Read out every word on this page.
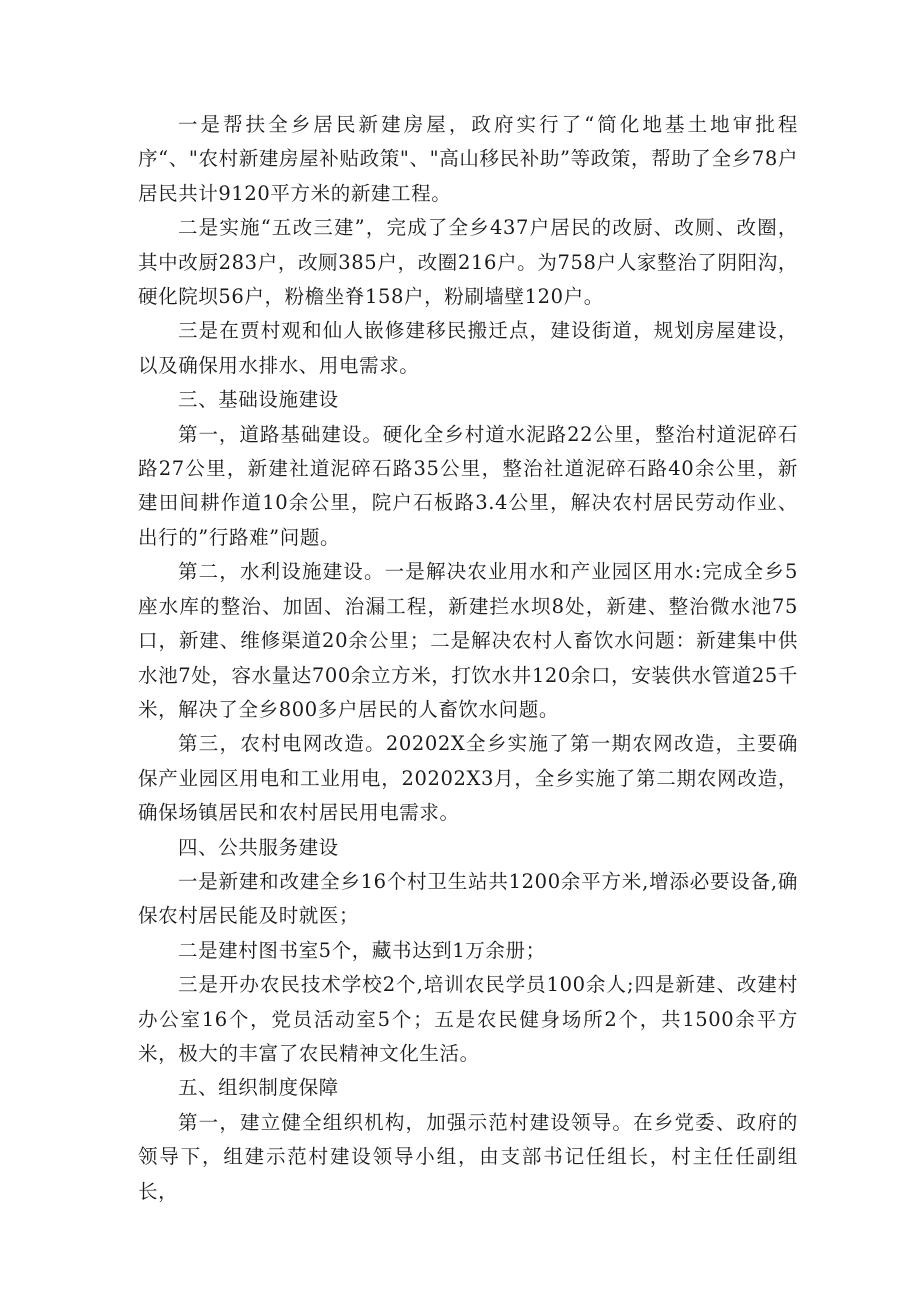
一是帮扶全乡居民新建房屋，政府实行了“简化地基土地审批程序“、"农村新建房屋补贴政策"、"高山移民补助”等政策，帮助了全乡78户居民共计9120平方米的新建工程。

二是实施“五改三建”，完成了全乡437户居民的改厨、改厕、改圈，其中改厨283户，改厕385户，改圈216户。为758户人家整治了阴阳沟，硬化院坝56户，粉檐坐脊158户，粉刷墙壁120户。

三是在贾村观和仙人嵌修建移民搬迁点，建设街道，规划房屋建设，以及确保用水排水、用电需求。

三、基础设施建设

第一，道路基础建设。硬化全乡村道水泥路22公里，整治村道泥碎石路27公里，新建社道泥碎石路35公里，整治社道泥碎石路40余公里，新建田间耕作道10余公里，院户石板路3.4公里，解决农村居民劳动作业、出行的”行路难”问题。

第二，水利设施建设。一是解决农业用水和产业园区用水:完成全乡5座水库的整治、加固、治漏工程，新建拦水坝8处，新建、整治微水池75口，新建、维修渠道20余公里；二是解决农村人畜饮水问题：新建集中供水池7处，容水量达700余立方米，打饮水井120余口，安装供水管道25千米，解决了全乡800多户居民的人畜饮水问题。

第三，农村电网改造。20202X全乡实施了第一期农网改造，主要确保产业园区用电和工业用电，20202X3月，全乡实施了第二期农网改造，确保场镇居民和农村居民用电需求。

四、公共服务建设

一是新建和改建全乡16个村卫生站共1200余平方米,增添必要设备,确保农村居民能及时就医；

二是建村图书室5个，藏书达到1万余册；

三是开办农民技术学校2个,培训农民学员100余人;四是新建、改建村办公室16个，党员活动室5个；五是农民健身场所2个，共1500余平方米，极大的丰富了农民精神文化生活。

五、组织制度保障

第一，建立健全组织机构，加强示范村建设领导。在乡党委、政府的领导下，组建示范村建设领导小组，由支部书记任组长，村主任任副组长，
